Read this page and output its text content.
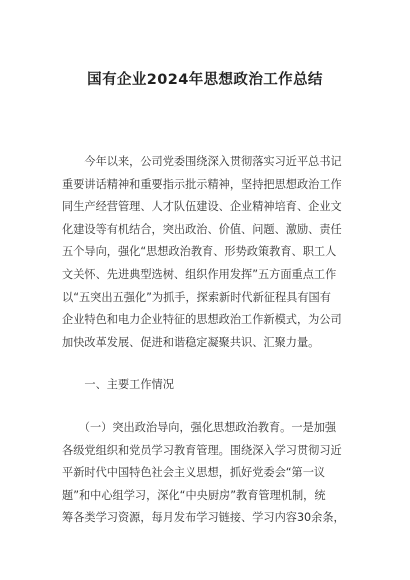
国有企业2024年思想政治工作总结

　　今年以来，公司党委围绕深入贯彻落实习近平总书记
重要讲话精神和重要指示批示精神，坚持把思想政治工作
同生产经营管理、人才队伍建设、企业精神培育、企业文
化建设等有机结合，突出政治、价值、问题、激励、责任
五个导向，强化“思想政治教育、形势政策教育、职工人
文关怀、先进典型选树、组织作用发挥”五方面重点工作
以“五突出五强化”为抓手，探索新时代新征程具有国有
企业特色和电力企业特征的思想政治工作新模式，为公司
加快改革发展、促进和谐稳定凝聚共识、汇聚力量。

　　一、主要工作情况

　　（一）突出政治导向，强化思想政治教育。一是加强
各级党组织和党员学习教育管理。围绕深入学习贯彻习近
平新时代中国特色社会主义思想，抓好党委会“第一议
题”和中心组学习，深化“中央厨房”教育管理机制，统
筹各类学习资源，每月发布学习链接、学习内容30余条，
